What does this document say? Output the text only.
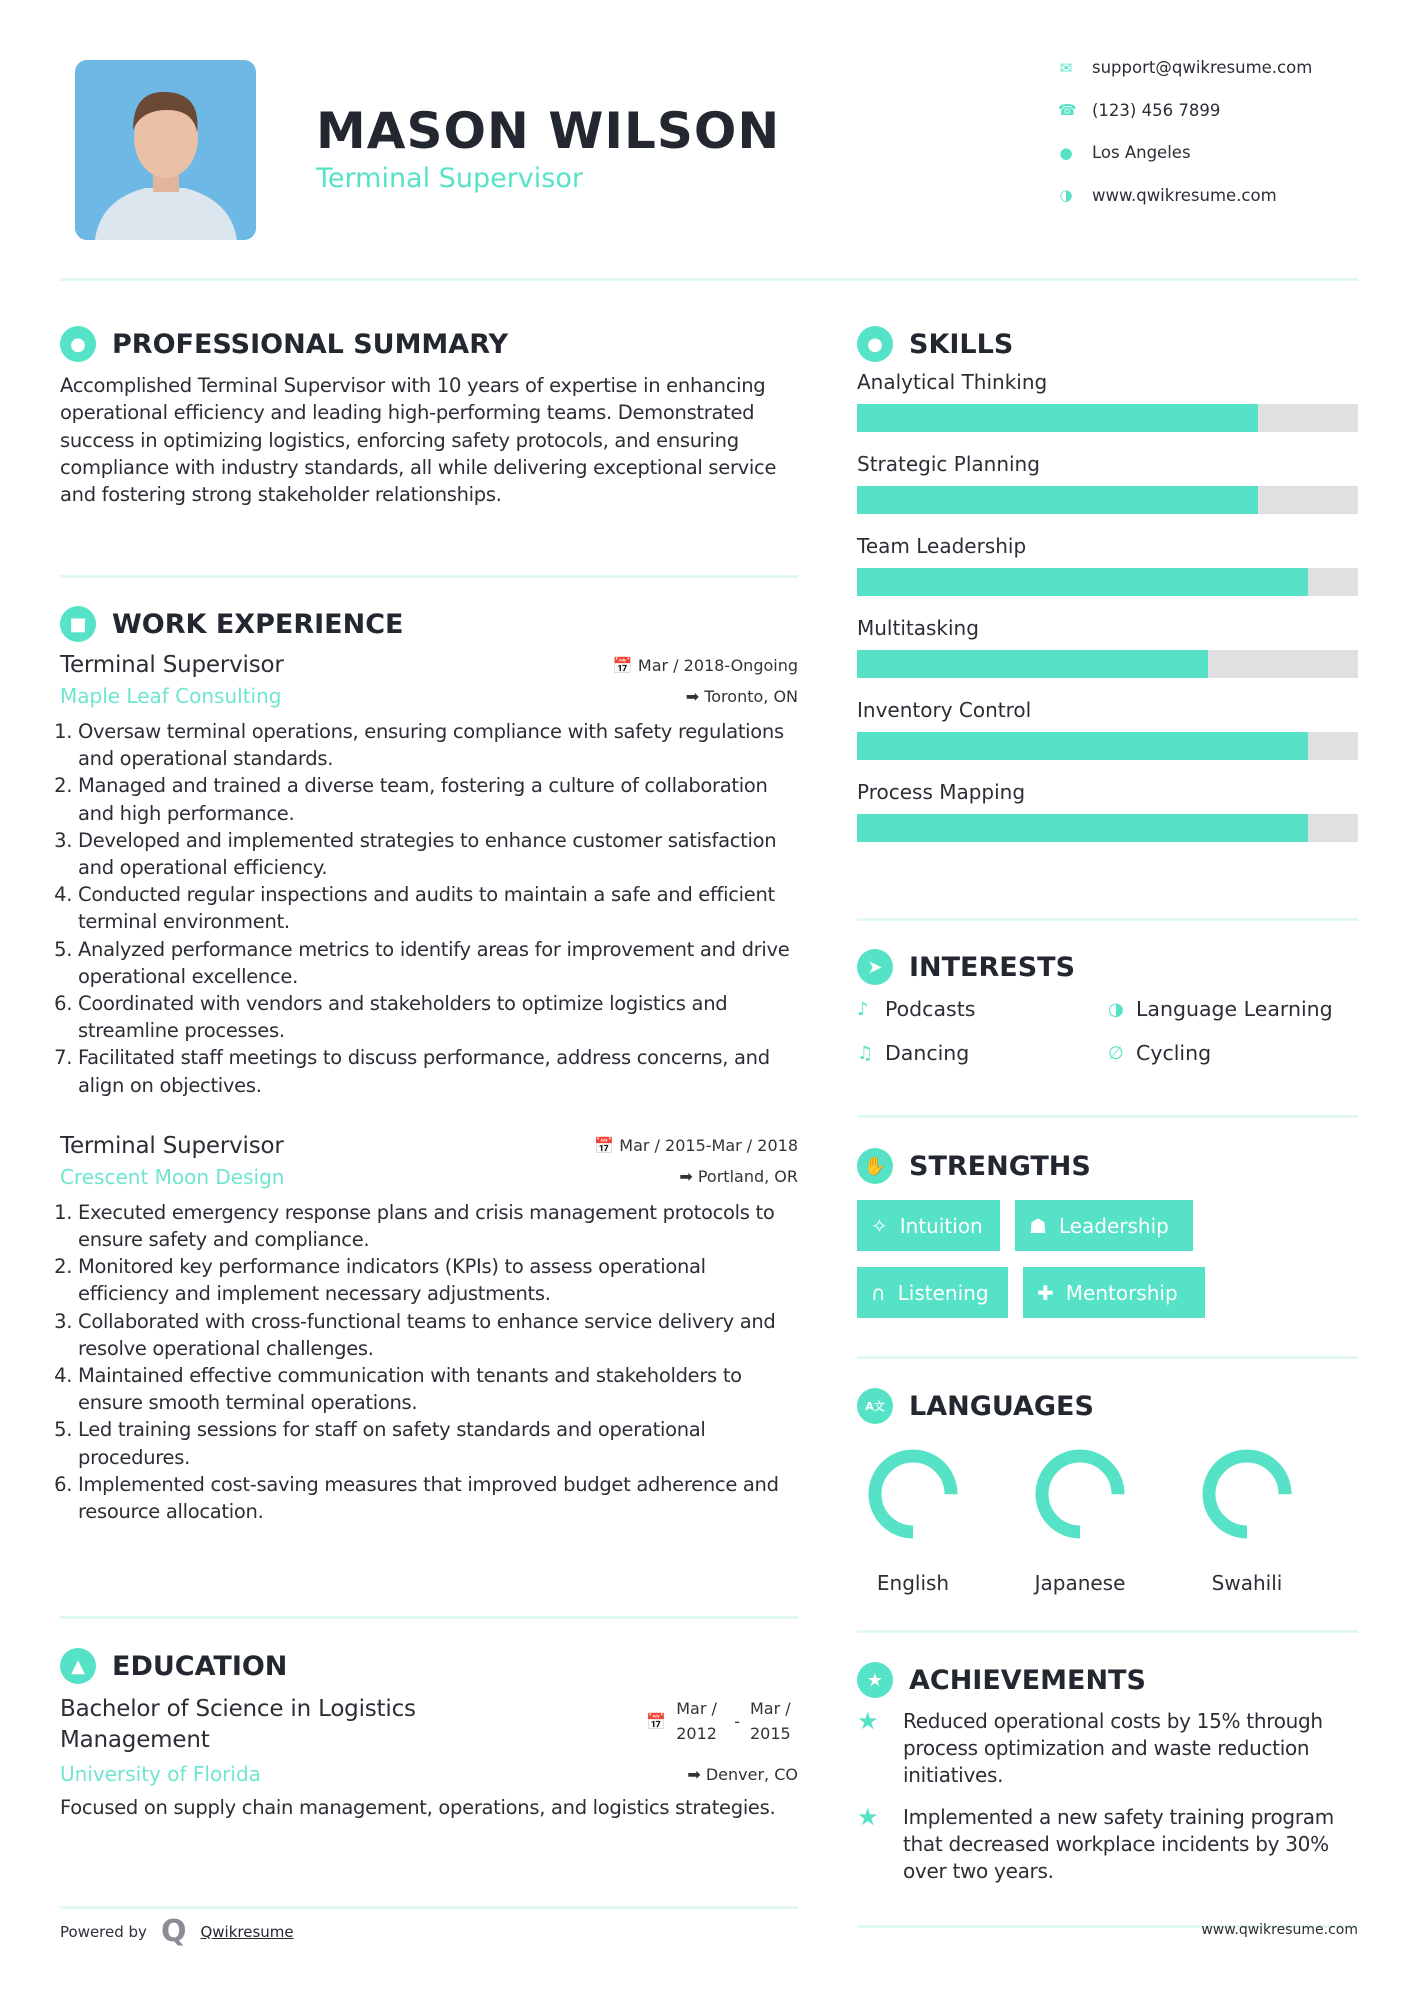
MASON WILSON
Terminal Supervisor
✉ support@qwikresume.com
☎ (123) 456 7899
● Los Angeles
◑ www.qwikresume.com
● PROFESSIONAL SUMMARY

Accomplished Terminal Supervisor with 10 years of expertise in enhancing operational efficiency and leading high-performing teams. Demonstrated success in optimizing logistics, enforcing safety protocols, and ensuring compliance with industry standards, all while delivering exceptional service and fostering strong stakeholder relationships.

■ WORK EXPERIENCE
Terminal Supervisor	📅 Mar / 2018-Ongoing
Maple Leaf Consulting	➡ Toronto, ON
1. Oversaw terminal operations, ensuring compliance with safety regulations and operational standards.
2. Managed and trained a diverse team, fostering a culture of collaboration and high performance.
3. Developed and implemented strategies to enhance customer satisfaction and operational efficiency.
4. Conducted regular inspections and audits to maintain a safe and efficient terminal environment.
5. Analyzed performance metrics to identify areas for improvement and drive operational excellence.
6. Coordinated with vendors and stakeholders to optimize logistics and streamline processes.
7. Facilitated staff meetings to discuss performance, address concerns, and align on objectives.
Terminal Supervisor	📅 Mar / 2015-Mar / 2018
Crescent Moon Design	➡ Portland, OR
1. Executed emergency response plans and crisis management protocols to ensure safety and compliance.
2. Monitored key performance indicators (KPIs) to assess operational efficiency and implement necessary adjustments.
3. Collaborated with cross-functional teams to enhance service delivery and resolve operational challenges.
4. Maintained effective communication with tenants and stakeholders to ensure smooth terminal operations.
5. Led training sessions for staff on safety standards and operational procedures.
6. Implemented cost-saving measures that improved budget adherence and resource allocation.
▲	EDUCATION
Bachelor of Science in Logistics Management
📅
Mar / 2012
-
Mar / 2015
University of Florida	➡ Denver, CO

Focused on supply chain management, operations, and logistics strategies.

Powered by Q Qwikresume
● SKILLS
Analytical Thinking
Strategic Planning
Team Leadership
Multitasking
Inventory Control
Process Mapping
➤ INTERESTS
♪ Podcasts	◑ Language Learning
♫ Dancing	∅ Cycling
✋ STRENGTHS
✧ Intuition ☗ Leadership
∩ Listening ✚ Mentorship
A文 LANGUAGES
English	Japanese	Swahili
★ ACHIEVEMENTS
★	Reduced operational costs by 15% through process optimization and waste reduction initiatives.
★	Implemented a new safety training program that decreased workplace incidents by 30% over two years.
www.qwikresume.com
